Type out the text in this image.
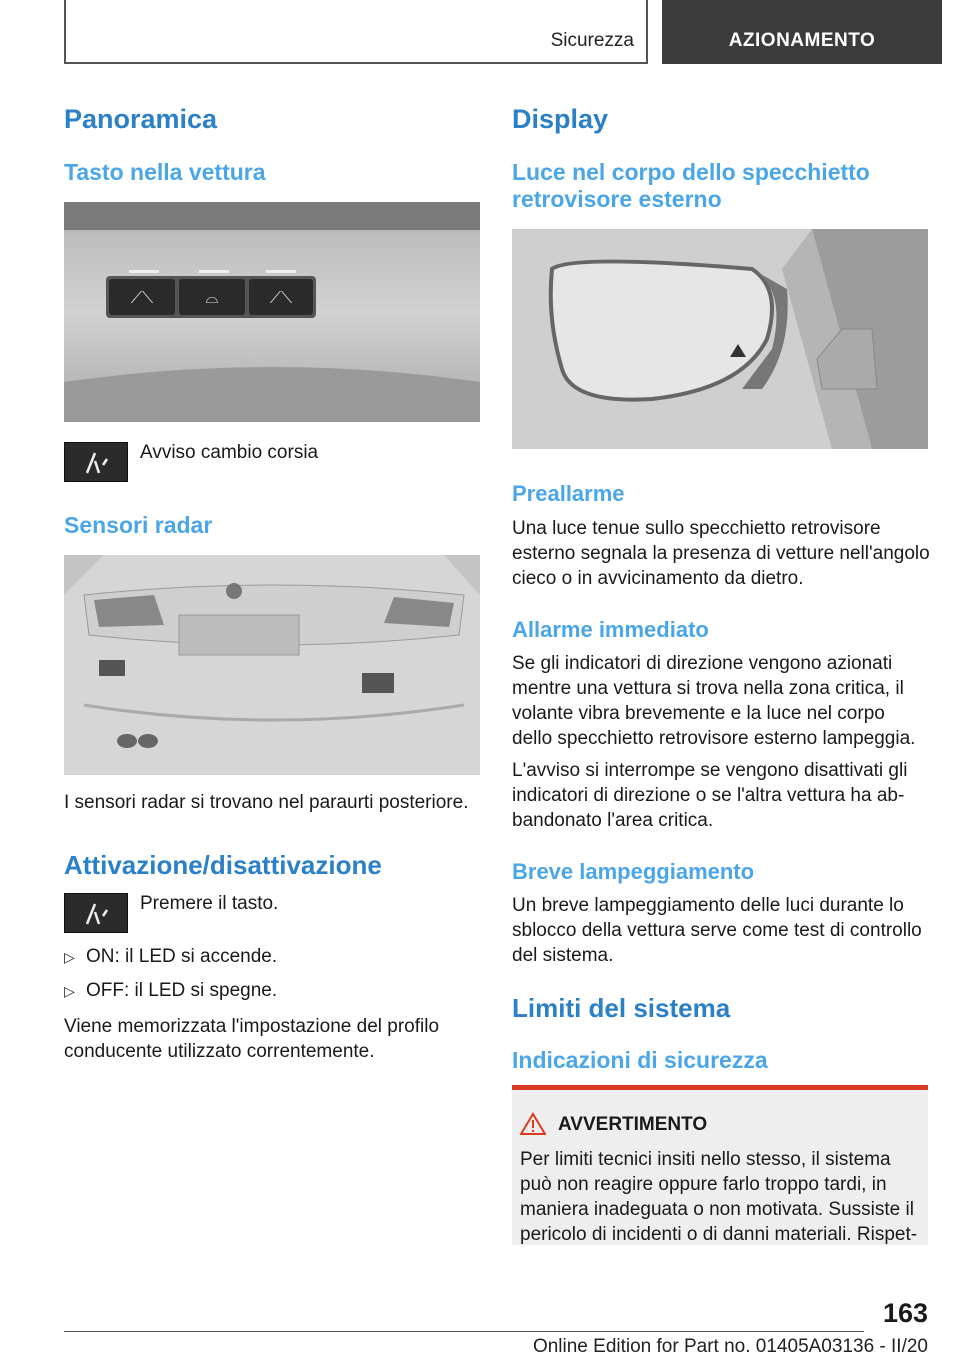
Sicurezza	AZIONAMENTO
Panoramica
Tasto nella vettura
⟋⟍	⌓	⟋⟍

Avviso cambio corsia

Sensori radar

I sensori radar si trovano nel paraurti posteriore.

Attivazione/disattivazione

Premere il tasto.

▷ ON: il LED si accende.
▷ OFF: il LED si spegne.

Viene memorizzata l'impostazione del profilo

conducente utilizzato correntemente.

Display
Luce nel corpo dello specchietto
retrovisore esterno
Preallarme

Una luce tenue sullo specchietto retrovisore

esterno segnala la presenza di vetture nell'angolo

cieco o in avvicinamento da dietro.

Allarme immediato

Se gli indicatori di direzione vengono azionati

mentre una vettura si trova nella zona critica, il

volante vibra brevemente e la luce nel corpo

dello specchietto retrovisore esterno lampeggia.

L'avviso si interrompe se vengono disattivati gli

indicatori di direzione o se l'altra vettura ha ab‐

bandonato l'area critica.

Breve lampeggiamento

Un breve lampeggiamento delle luci durante lo

sblocco della vettura serve come test di controllo

del sistema.

Limiti del sistema
Indicazioni di sicurezza
AVVERTIMENTO

Per limiti tecnici insiti nello stesso, il sistema

può non reagire oppure farlo troppo tardi, in

maniera inadeguata o non motivata. Sussiste il

pericolo di incidenti o di danni materiali. Rispet‐

163
Online Edition for Part no. 01405A03136 - II/20
